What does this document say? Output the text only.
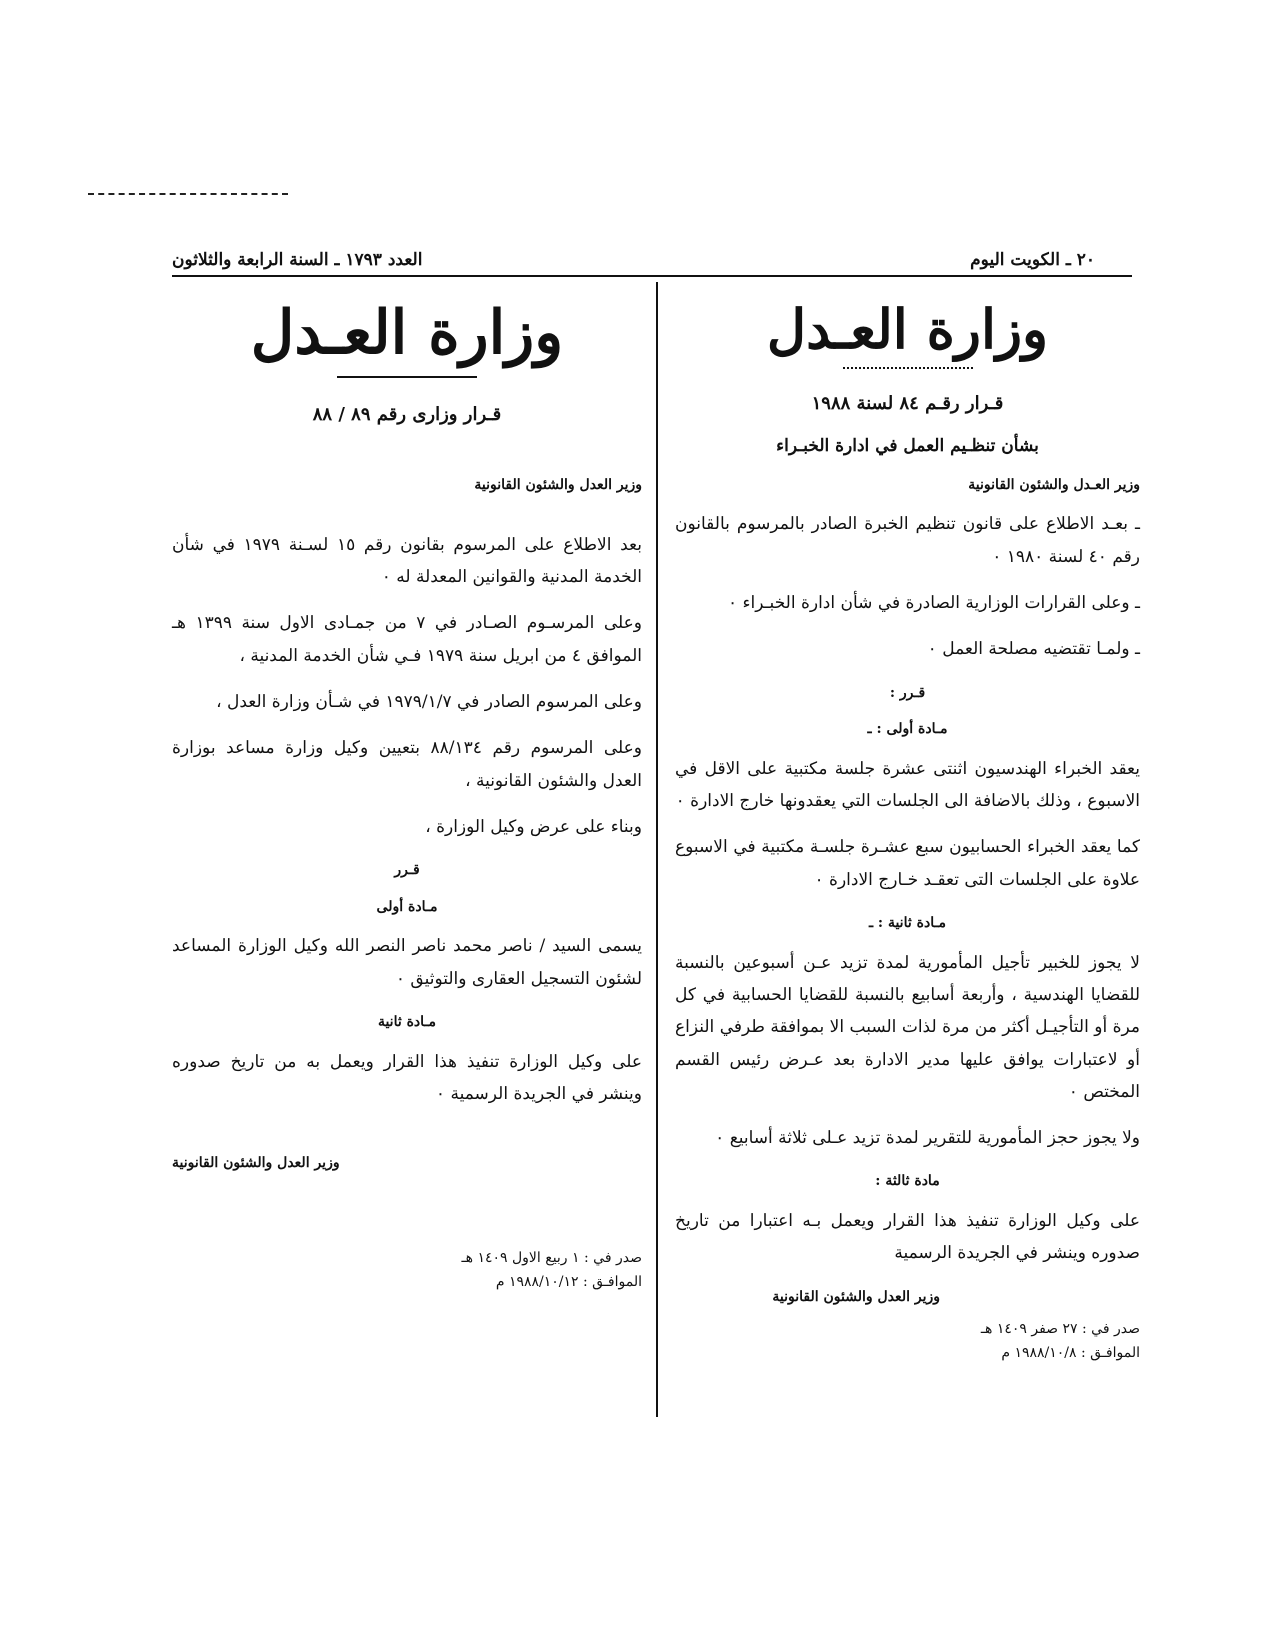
العدد ١٧٩٣ ـ السنة الرابعة والثلاثون	٢٠ ـ الكويت اليوم
وزارة العـدل

قـرار رقـم ٨٤ لسنة ١٩٨٨

بشأن تنظـيم العمل في ادارة الخبـراء

وزير العـدل والشئون القانونية

ـ بعـد الاطلاع على قانون تنظيم الخبرة الصادر بالمرسوم بالقانون رقم ٤٠ لسنة ١٩٨٠ ٠

ـ وعلى القرارات الوزارية الصادرة في شأن ادارة الخبـراء ٠

ـ ولمـا تقتضيه مصلحة العمل ٠

قـرر :

مـادة أولى : ـ

يعقد الخبراء الهندسيون اثنتى عشرة جلسة مكتبية على الاقل في الاسبوع ، وذلك بالاضافة الى الجلسات التي يعقدونها خارج الادارة ٠

كما يعقد الخبراء الحسابيون سبع عشـرة جلسـة مكتبية في الاسبوع علاوة على الجلسات التى تعقـد خـارج الادارة ٠

مـادة ثانية : ـ

لا يجوز للخبير تأجيل المأمورية لمدة تزيد عـن أسبوعين بالنسبة للقضايا الهندسية ، وأربعة أسابيع بالنسبة للقضايا الحسابية في كل مرة أو التأجيـل أكثر من مرة لذات السبب الا بموافقة طرفي النزاع أو لاعتبارات يوافق عليها مدير الادارة بعد عـرض رئيس القسم المختص ٠

ولا يجوز حجز المأمورية للتقرير لمدة تزيد عـلى ثلاثة أسابيع ٠

مادة ثالثة :

على وكيل الوزارة تنفيذ هذا القرار ويعمل بـه اعتبارا من تاريخ صدوره وينشر في الجريدة الرسمية

وزير العدل والشئون القانونية

صدر في : ٢٧ صفر ١٤٠٩ هـ

الموافـق : ١٩٨٨/١٠/٨ م

وزارة العـدل

قـرار وزارى رقم ٨٩ / ٨٨

وزير العدل والشئون القانونية

بعد الاطلاع على المرسوم بقانون رقم ١٥ لسـنة ١٩٧٩ في شأن الخدمة المدنية والقوانين المعدلة له ٠

وعلى المرسـوم الصـادر في ٧ من جمـادى الاول سنة ١٣٩٩ هـ الموافق ٤ من ابريل سنة ١٩٧٩ فـي شأن الخدمة المدنية ،

وعلى المرسوم الصادر في ١٩٧٩/١/٧ في شـأن وزارة العدل ،

وعلى المرسوم رقم ٨٨/١٣٤ بتعيين وكيل وزارة مساعد بوزارة العدل والشئون القانونية ،

وبناء على عرض وكيل الوزارة ،

قـرر

مـادة أولى

يسمى السيد / ناصر محمد ناصر النصر الله وكيل الوزارة المساعد لشئون التسجيل العقارى والتوثيق ٠

مـادة ثانية

على وكيل الوزارة تنفيذ هذا القرار ويعمل به من تاريخ صدوره وينشر في الجريدة الرسمية ٠

وزير العدل والشئون القانونية

صدر في : ١ ربيع الاول ١٤٠٩ هـ

الموافـق : ١٩٨٨/١٠/١٢ م
